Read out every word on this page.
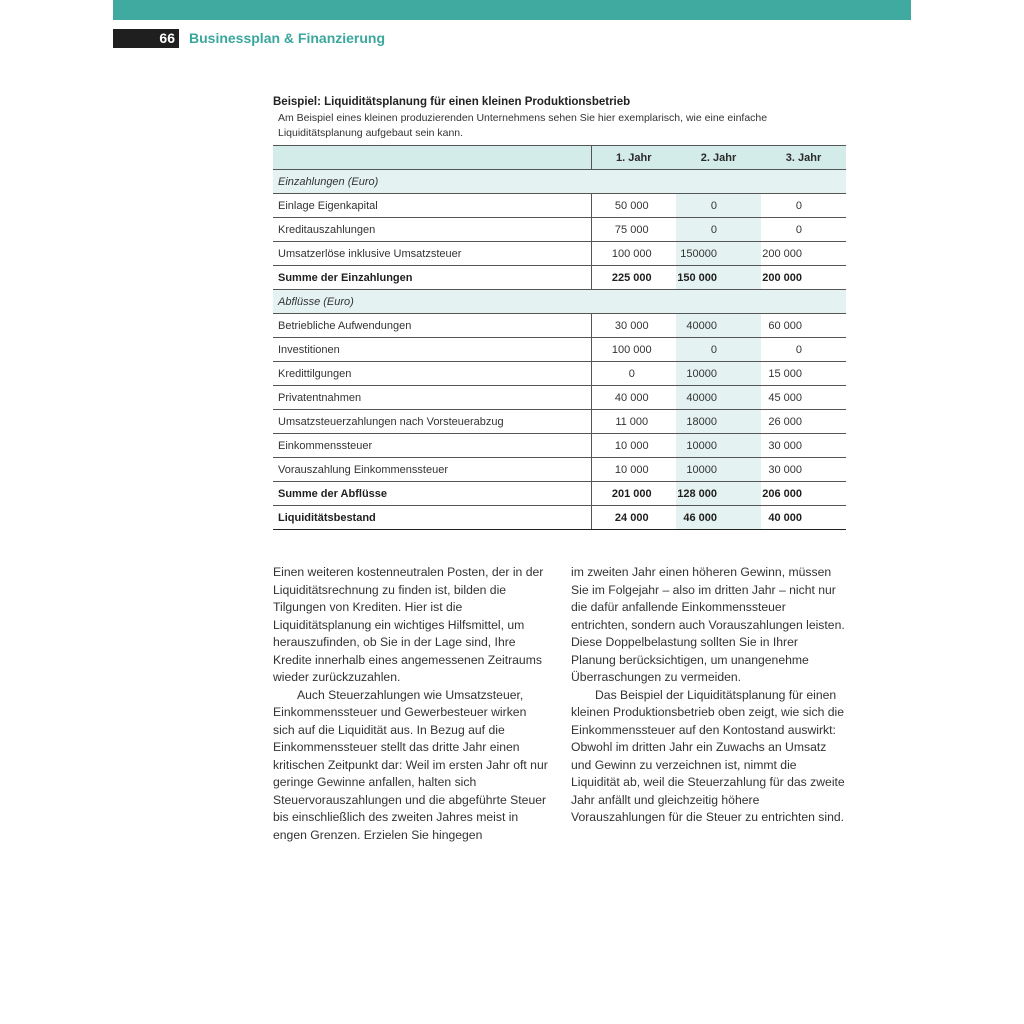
66 Businessplan & Finanzierung

Beispiel: Liquiditätsplanung für einen kleinen Produktionsbetrieb

Am Beispiel eines kleinen produzierenden Unternehmens sehen Sie hier exemplarisch, wie eine einfache Liquiditätsplanung aufgebaut sein kann.

	1. Jahr	2. Jahr	3. Jahr
Einzahlungen (Euro)			
Einlage Eigenkapital	50 000	0	0
Kreditauszahlungen	75 000	0	0
Umsatzerlöse inklusive Umsatzsteuer	100 000	150000	200 000
Summe der Einzahlungen	225 000	150 000	200 000
Abflüsse (Euro)			
Betriebliche Aufwendungen	30 000	40000	60 000
Investitionen	100 000	0	0
Kredittilgungen	0	10000	15 000
Privatentnahmen	40 000	40000	45 000
Umsatzsteuerzahlungen nach Vorsteuerabzug	11 000	18000	26 000
Einkommenssteuer	10 000	10000	30 000
Vorauszahlung Einkommenssteuer	10 000	10000	30 000
Summe der Abflüsse	201 000	128 000	206 000
Liquiditätsbestand	24 000	46 000	40 000

Einen weiteren kostenneutralen Posten, der in der Liquiditätsrechnung zu finden ist, bilden die Tilgungen von Krediten. Hier ist die Liquiditätsplanung ein wichtiges Hilfsmittel, um herauszufinden, ob Sie in der Lage sind, Ihre Kredite innerhalb eines angemessenen Zeitraums wieder zurückzuzahlen.

Auch Steuerzahlungen wie Umsatzsteuer, Einkommenssteuer und Gewerbesteuer wirken sich auf die Liquidität aus. In Bezug auf die Einkommenssteuer stellt das dritte Jahr einen kritischen Zeitpunkt dar: Weil im ersten Jahr oft nur geringe Gewinne anfallen, halten sich Steuervorauszahlungen und die abgeführte Steuer bis einschließlich des zweiten Jahres meist in engen Grenzen. Erzielen Sie hingegen

im zweiten Jahr einen höheren Gewinn, müssen Sie im Folgejahr – also im dritten Jahr – nicht nur die dafür anfallende Einkommenssteuer entrichten, sondern auch Vorauszahlungen leisten. Diese Doppelbelastung sollten Sie in Ihrer Planung berücksichtigen, um unangenehme Überraschungen zu vermeiden.

Das Beispiel der Liquiditätsplanung für einen kleinen Produktionsbetrieb oben zeigt, wie sich die Einkommenssteuer auf den Kontostand auswirkt: Obwohl im dritten Jahr ein Zuwachs an Umsatz und Gewinn zu verzeichnen ist, nimmt die Liquidität ab, weil die Steuerzahlung für das zweite Jahr anfällt und gleichzeitig höhere Vorauszahlungen für die Steuer zu entrichten sind.
